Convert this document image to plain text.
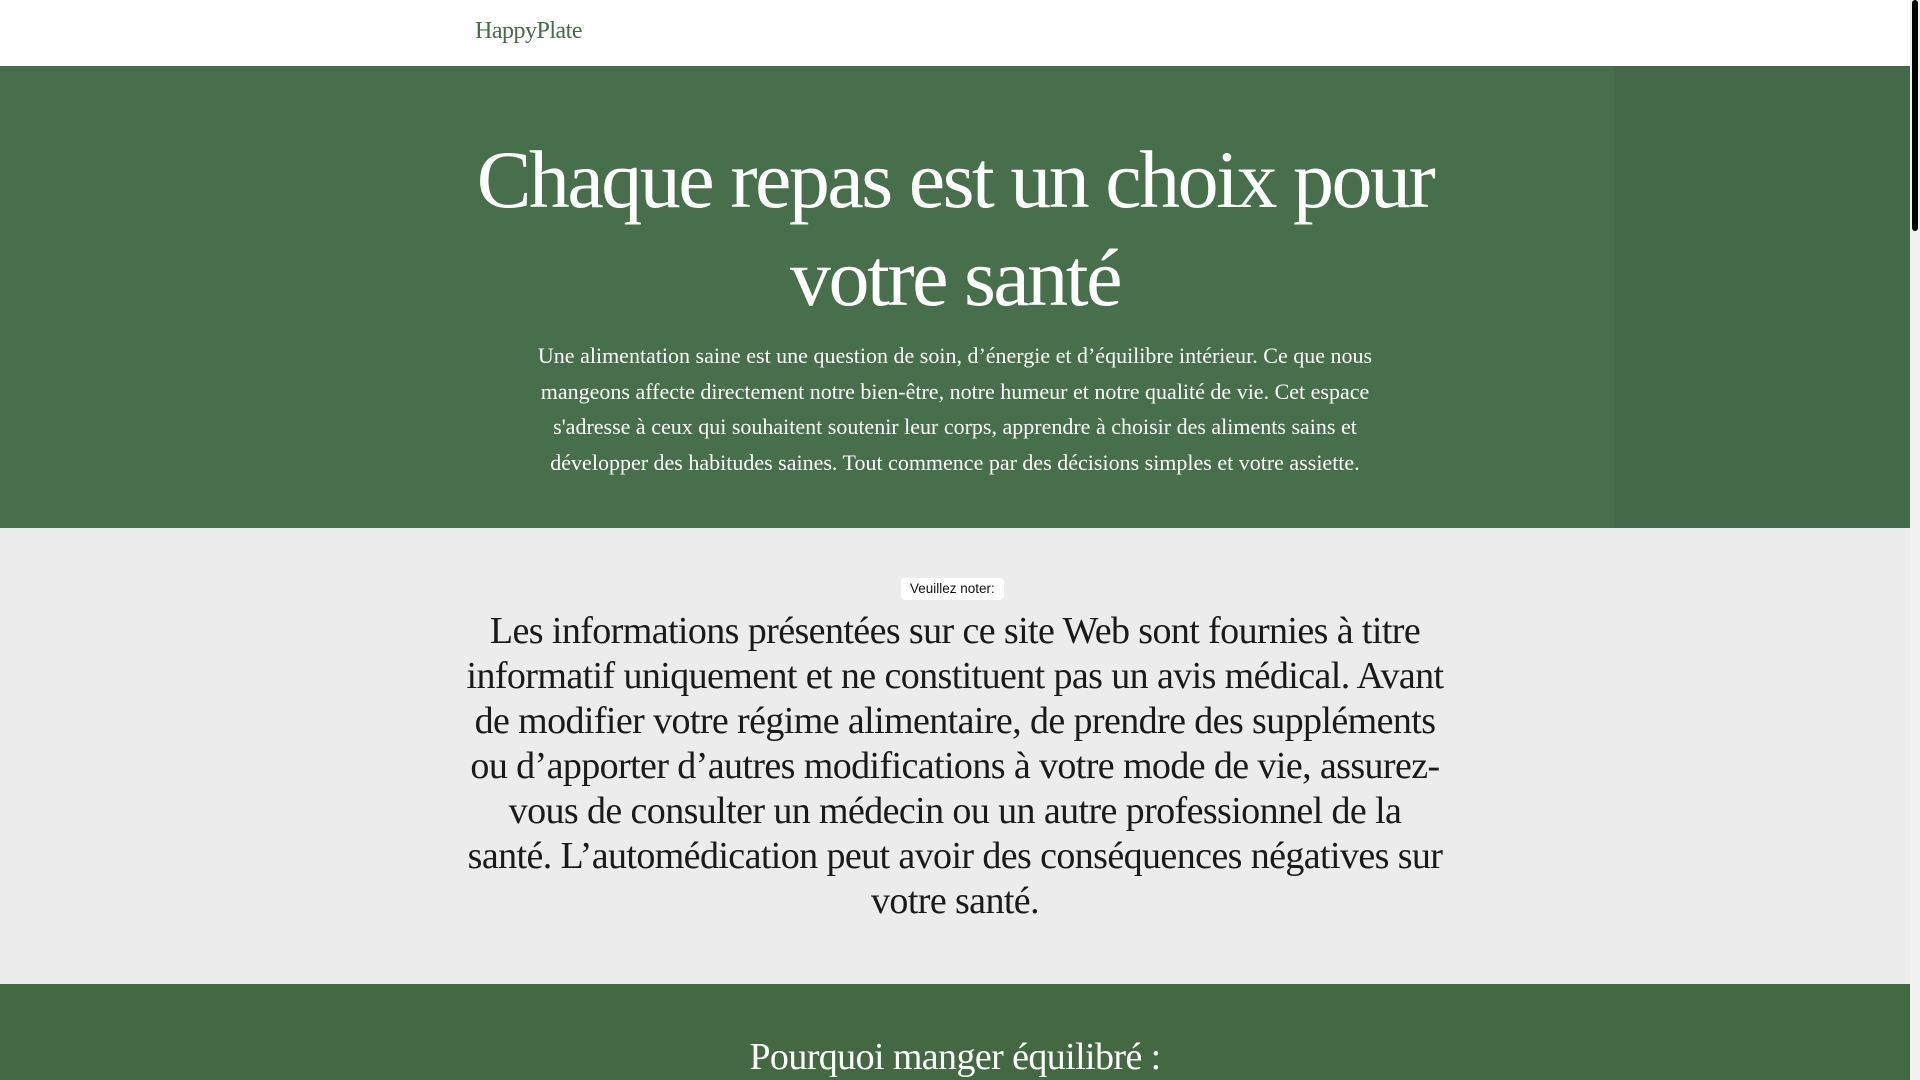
HappyPlate
Chaque repas est un choix pour votre santé

Une alimentation saine est une question de soin, d’énergie et d’équilibre intérieur. Ce que nous mangeons affecte directement notre bien-être, notre humeur et notre qualité de vie. Cet espace s'adresse à ceux qui souhaitent soutenir leur corps, apprendre à choisir des aliments sains et développer des habitudes saines. Tout commence par des décisions simples et votre assiette.

Veuillez noter:

Les informations présentées sur ce site Web sont fournies à titre informatif uniquement et ne constituent pas un avis médical. Avant de modifier votre régime alimentaire, de prendre des suppléments ou d’apporter d’autres modifications à votre mode de vie, assurez-vous de consulter un médecin ou un autre professionnel de la santé. L’automédication peut avoir des conséquences négatives sur votre santé.

Pourquoi manger équilibré :
